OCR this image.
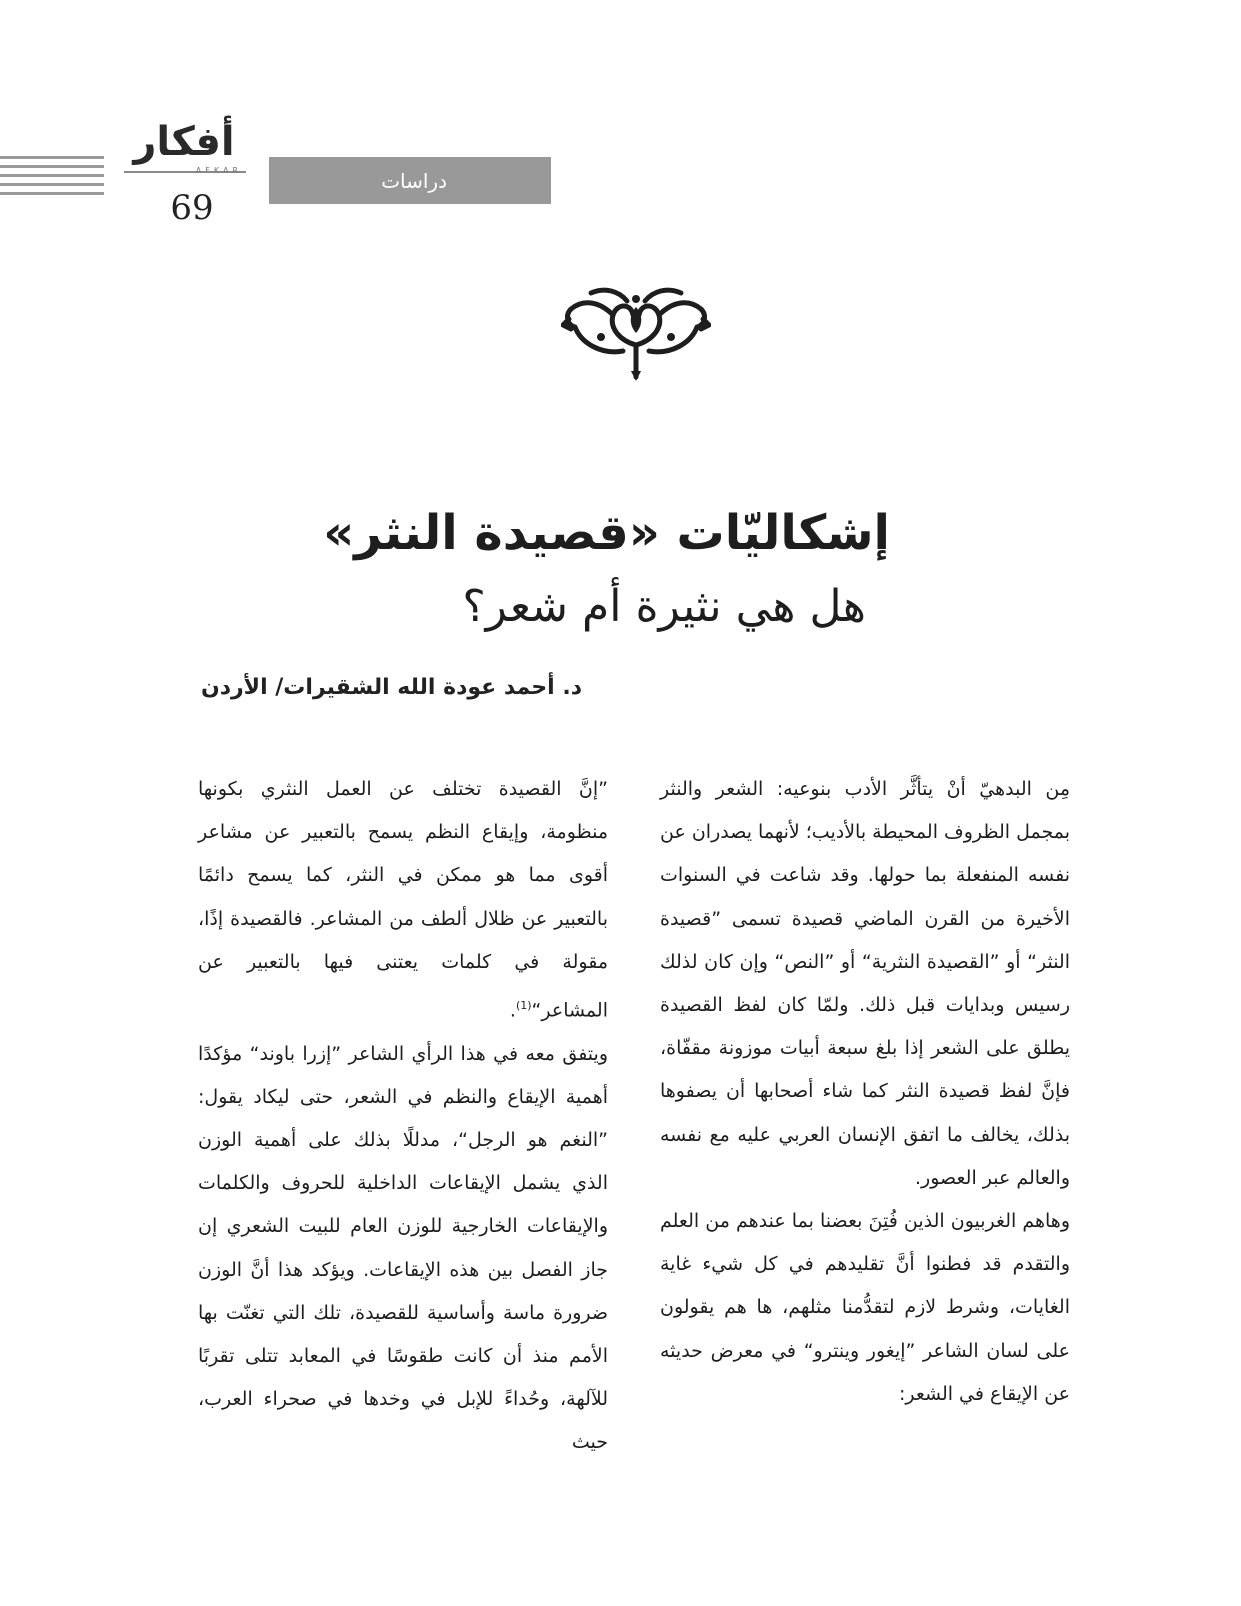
أفكار
AFKAR
69
دراسات
إشكاليّات «قصيدة النثر»
هل هي نثيرة أم شعر؟
د. أحمد عودة الله الشقيرات/ الأردن

مِن البدهيّ أنْ يتأثَّر الأدب بنوعيه: الشعر والنثر بمجمل الظروف المحيطة بالأديب؛ لأنهما يصدران عن نفسه المنفعلة بما حولها. وقد شاعت في السنوات الأخيرة من القرن الماضي قصيدة تسمى ”قصيدة النثر“ أو ”القصيدة النثرية“ أو ”النص“ وإن كان لذلك رسيس وبدايات قبل ذلك. ولمّا كان لفظ القصيدة يطلق على الشعر إذا بلغ سبعة أبيات موزونة مقفّاة، فإنَّ لفظ قصيدة النثر كما شاء أصحابها أن يصفوها بذلك، يخالف ما اتفق الإنسان العربي عليه مع نفسه والعالم عبر العصور.

وهاهم الغربيون الذين فُتِنَ بعضنا بما عندهم من العلم والتقدم قد فطنوا أنَّ تقليدهم في كل شيء غاية الغايات، وشرط لازم لتقدُّمنا مثلهم، ها هم يقولون على لسان الشاعر ”إيغور وينترو“ في معرض حديثه عن الإيقاع في الشعر:

”إنَّ القصيدة تختلف عن العمل النثري بكونها منظومة، وإيقاع النظم يسمح بالتعبير عن مشاعر أقوى مما هو ممكن في النثر، كما يسمح دائمًا بالتعبير عن ظلال ألطف من المشاعر. فالقصيدة إذًا، مقولة في كلمات يعتنى فيها بالتعبير عن المشاعر“$^{(1)}$.

ويتفق معه في هذا الرأي الشاعر ”إزرا باوند“ مؤكدًا أهمية الإيقاع والنظم في الشعر، حتى ليكاد يقول: ”النغم هو الرجل“، مدللًا بذلك على أهمية الوزن الذي يشمل الإيقاعات الداخلية للحروف والكلمات والإيقاعات الخارجية للوزن العام للبيت الشعري إن جاز الفصل بين هذه الإيقاعات. ويؤكد هذا أنَّ الوزن ضرورة ماسة وأساسية للقصيدة، تلك التي تغنّت بها الأمم منذ أن كانت طقوسًا في المعابد تتلى تقربًا للآلهة، وحُداءً للإبل في وخدها في صحراء العرب، حيث
